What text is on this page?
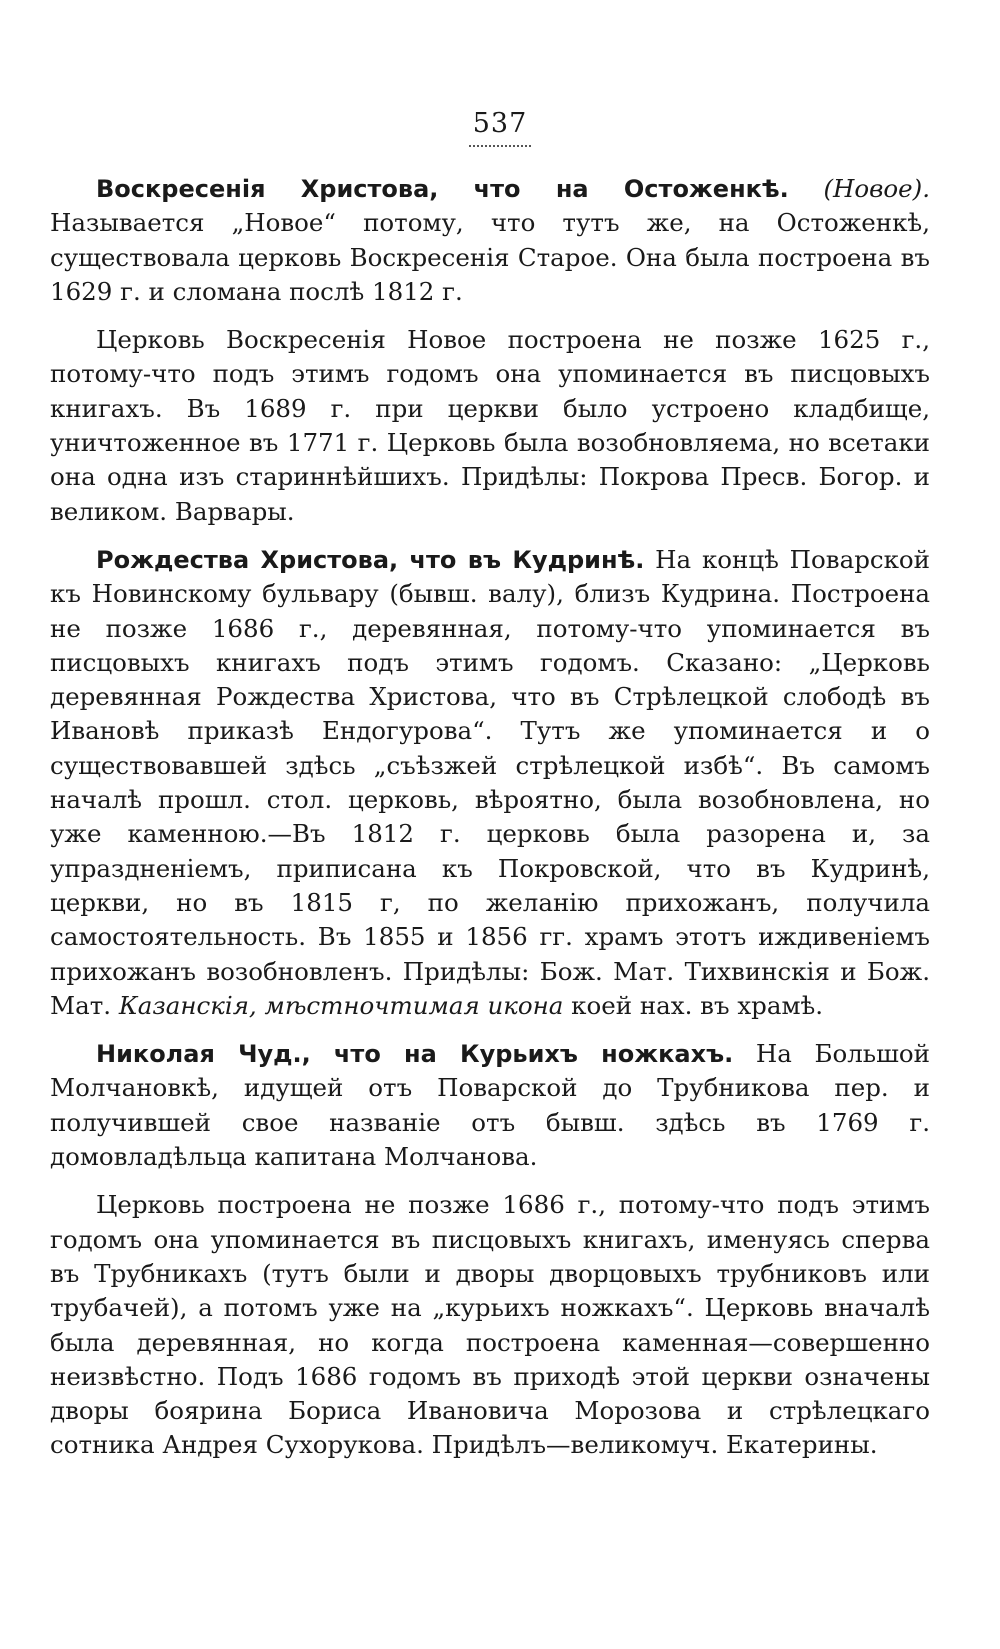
537

Воскресенія Христова, что на Остоженкѣ. (Новое). Называется „Новое“ потому, что тутъ же, на Остоженкѣ, существовала церковь Воскресенія Старое. Она была построена въ 1629 г. и сломана послѣ 1812 г.

Церковь Воскресенія Новое построена не позже 1625 г., потому-что подъ этимъ годомъ она упоминается въ писцовыхъ книгахъ. Въ 1689 г. при церкви было устроено кладбище, уничтоженное въ 1771 г. Церковь была возобновляема, но всетаки она одна изъ стариннѣйшихъ. Придѣлы: Покрова Пресв. Богор. и великом. Варвары.

Рождества Христова, что въ Кудринѣ. На концѣ Поварской къ Новинскому бульвару (бывш. валу), близъ Кудрина. Построена не позже 1686 г., деревянная, потому-что упоминается въ писцовыхъ книгахъ подъ этимъ годомъ. Сказано: „Церковь деревянная Рождества Христова, что въ Стрѣлецкой слободѣ въ Ивановѣ приказѣ Ендогурова“. Тутъ же упоминается и о существовавшей здѣсь „съѣзжей стрѣлецкой избѣ“. Въ самомъ началѣ прошл. стол. церковь, вѣроятно, была возобновлена, но уже каменною.—Въ 1812 г. церковь была разорена и, за упраздненіемъ, приписана къ Покровской, что въ Кудринѣ, церкви, но въ 1815 г, по желанію прихожанъ, получила самостоятельность. Въ 1855 и 1856 гг. храмъ этотъ иждивеніемъ прихожанъ возобновленъ. Придѣлы: Бож. Мат. Тихвинскія и Бож. Мат. Казанскія, мѣстночтимая икона коей нах. въ храмѣ.

Николая Чуд., что на Курьихъ ножкахъ. На Большой Молчановкѣ, идущей отъ Поварской до Трубникова пер. и получившей свое названіе отъ бывш. здѣсь въ 1769 г. домовладѣльца капитана Молчанова.

Церковь построена не позже 1686 г., потому-что подъ этимъ годомъ она упоминается въ писцовыхъ книгахъ, именуясь сперва въ Трубникахъ (тутъ были и дворы дворцовыхъ трубниковъ или трубачей), а потомъ уже на „курьихъ ножкахъ“. Церковь вначалѣ была деревянная, но когда построена каменная—совершенно неизвѣстно. Подъ 1686 годомъ въ приходѣ этой церкви означены дворы боярина Бориса Ивановича Морозова и стрѣлецкаго сотника Андрея Сухорукова. Придѣлъ—великомуч. Екатерины.
